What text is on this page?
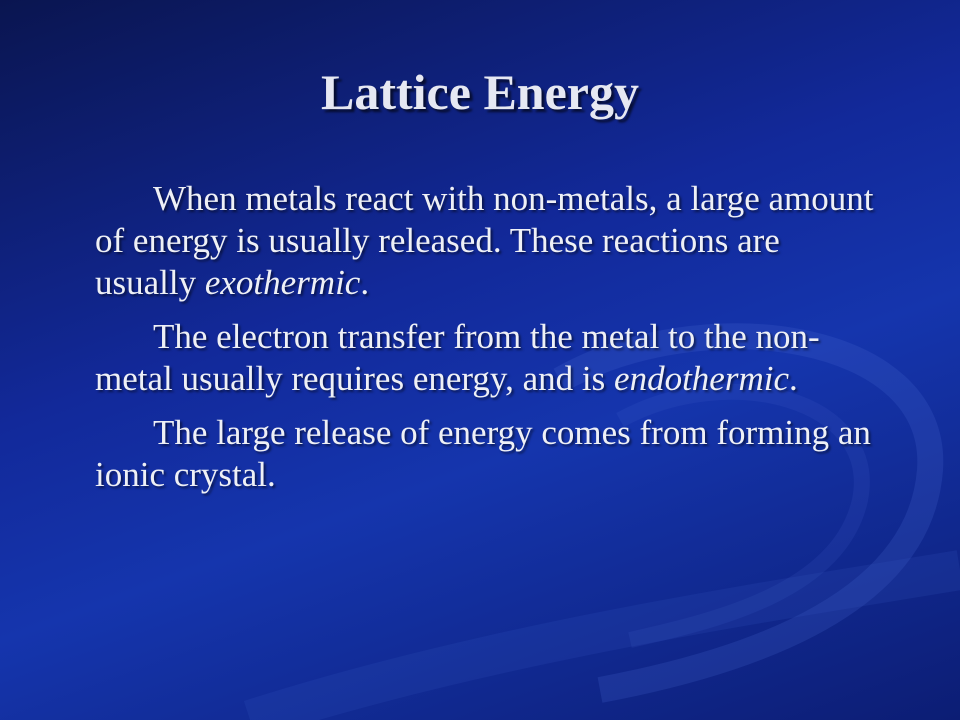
Lattice Energy

When metals react with non-metals, a large amount of energy is usually released. These reactions are usually exothermic.

The electron transfer from the metal to the non-metal usually requires energy, and is endothermic.

The large release of energy comes from forming an ionic crystal.
